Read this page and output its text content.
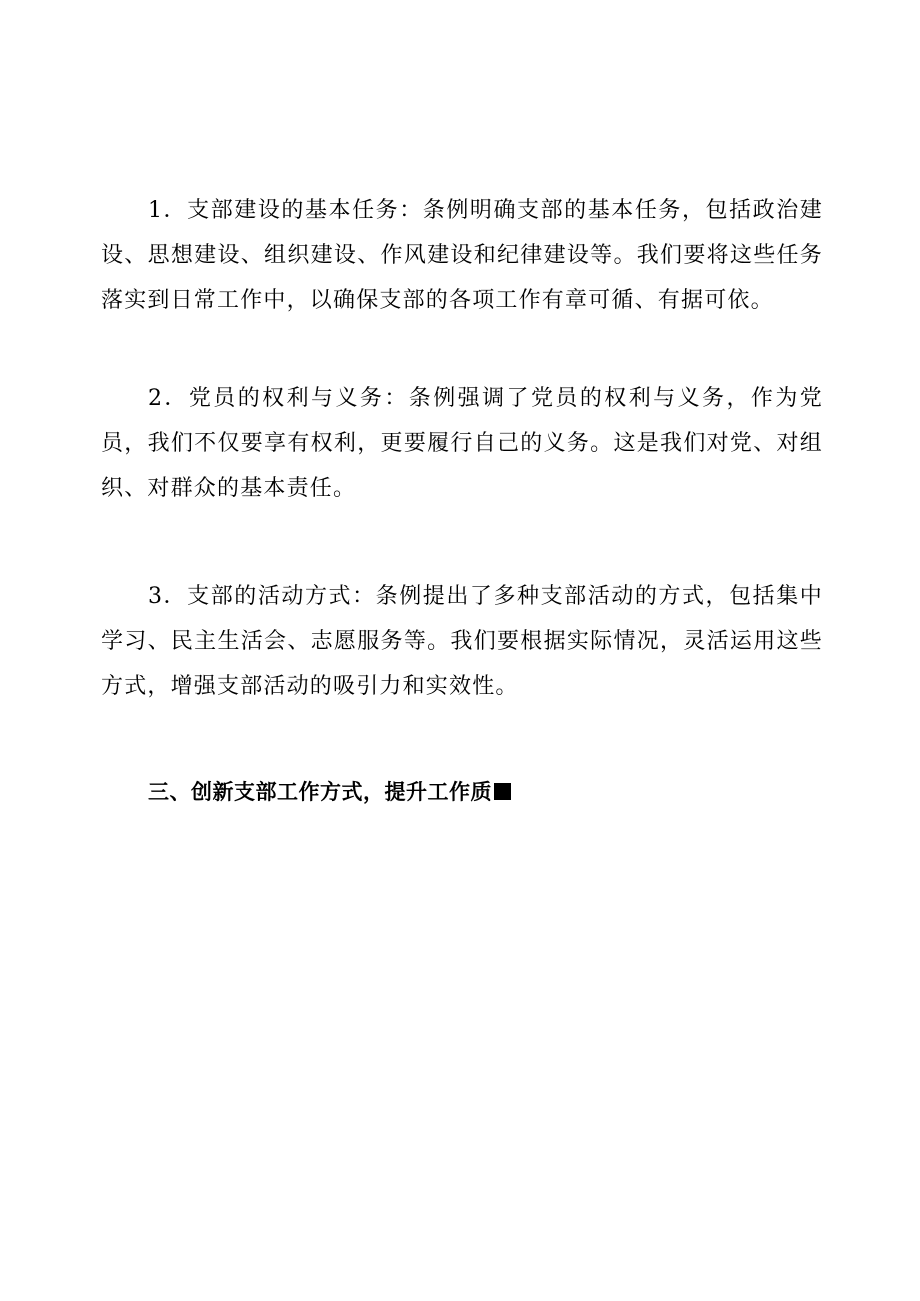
1．支部建设的基本任务：条例明确支部的基本任务，包括政治建设、思想建设、组织建设、作风建设和纪律建设等。我们要将这些任务落实到日常工作中，以确保支部的各项工作有章可循、有据可依。

2．党员的权利与义务：条例强调了党员的权利与义务，作为党员，我们不仅要享有权利，更要履行自己的义务。这是我们对党、对组织、对群众的基本责任。

3．支部的活动方式：条例提出了多种支部活动的方式，包括集中学习、民主生活会、志愿服务等。我们要根据实际情况，灵活运用这些方式，增强支部活动的吸引力和实效性。

三、创新支部工作方式，提升工作质
